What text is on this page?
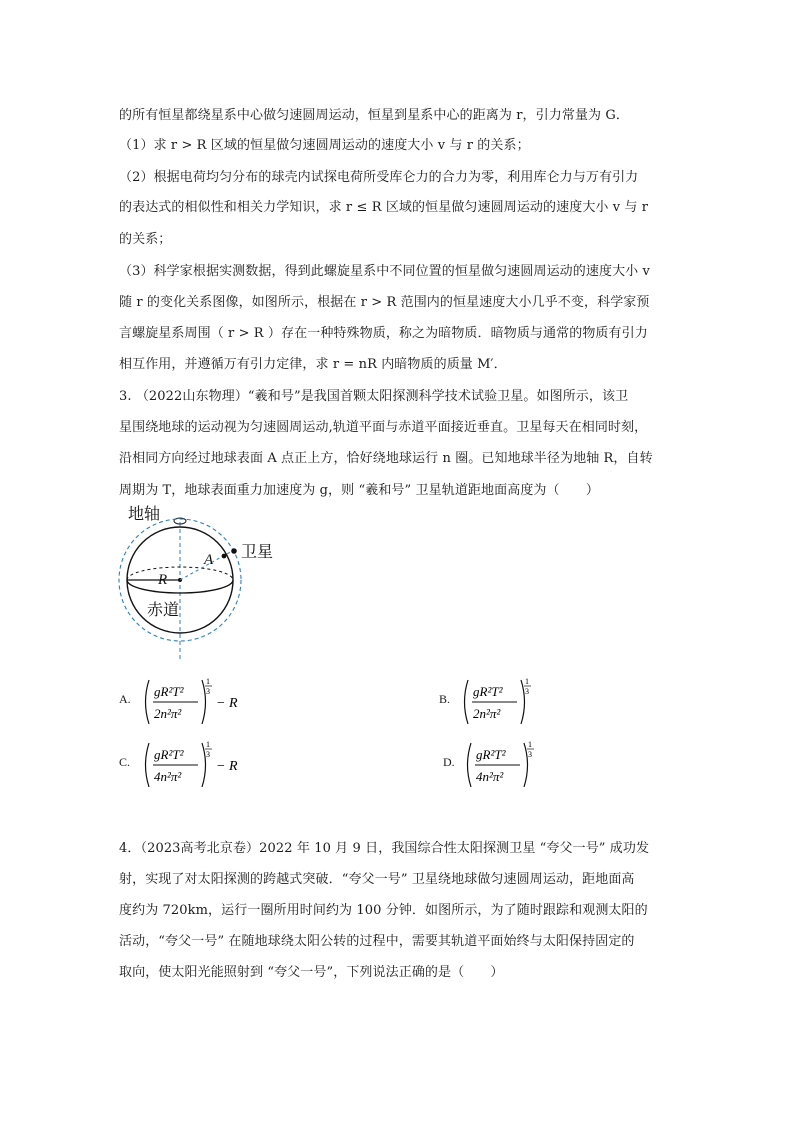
的所有恒星都绕星系中心做匀速圆周运动，恒星到星系中心的距离为 r，引力常量为 G．
（1）求 r > R 区域的恒星做匀速圆周运动的速度大小 v 与 r 的关系；
（2）根据电荷均匀分布的球壳内试探电荷所受库仑力的合力为零，利用库仑力与万有引力
的表达式的相似性和相关力学知识，求 r ≤ R 区域的恒星做匀速圆周运动的速度大小 v 与 r
的关系；
（3）科学家根据实测数据，得到此螺旋星系中不同位置的恒星做匀速圆周运动的速度大小 v
随 r 的变化关系图像，如图所示，根据在 r > R 范围内的恒星速度大小几乎不变，科学家预
言螺旋星系周围（ r > R ）存在一种特殊物质，称之为暗物质．暗物质与通常的物质有引力
相互作用，并遵循万有引力定律，求 r = nR 内暗物质的质量 M′．
3. （2022山东物理）“羲和号”是我国首颗太阳探测科学技术试验卫星。如图所示，该卫
星围绕地球的运动视为匀速圆周运动,轨道平面与赤道平面接近垂直。卫星每天在相同时刻，
沿相同方向经过地球表面 A 点正上方，恰好绕地球运行 n 圈。已知地球半径为地轴 R，自转
周期为 T，地球表面重力加速度为 g，则 “羲和号” 卫星轨道距地面高度为（　　）
地轴
卫星
A
R
赤道
A. gR²T²
2n²π²
1
3
− R	B. gR²T²
2n²π²
1
3
C. gR²T²
4n²π²
1
3
− R	D. gR²T²
4n²π²
1
3
4．（2023高考北京卷）2022 年 10 月 9 日，我国综合性太阳探测卫星 “夸父一号” 成功发
射，实现了对太阳探测的跨越式突破．“夸父一号” 卫星绕地球做匀速圆周运动，距地面高
度约为 720km，运行一圈所用时间约为 100 分钟．如图所示，为了随时跟踪和观测太阳的
活动，“夸父一号” 在随地球绕太阳公转的过程中，需要其轨道平面始终与太阳保持固定的
取向，使太阳光能照射到 “夸父一号”，下列说法正确的是（　　）
